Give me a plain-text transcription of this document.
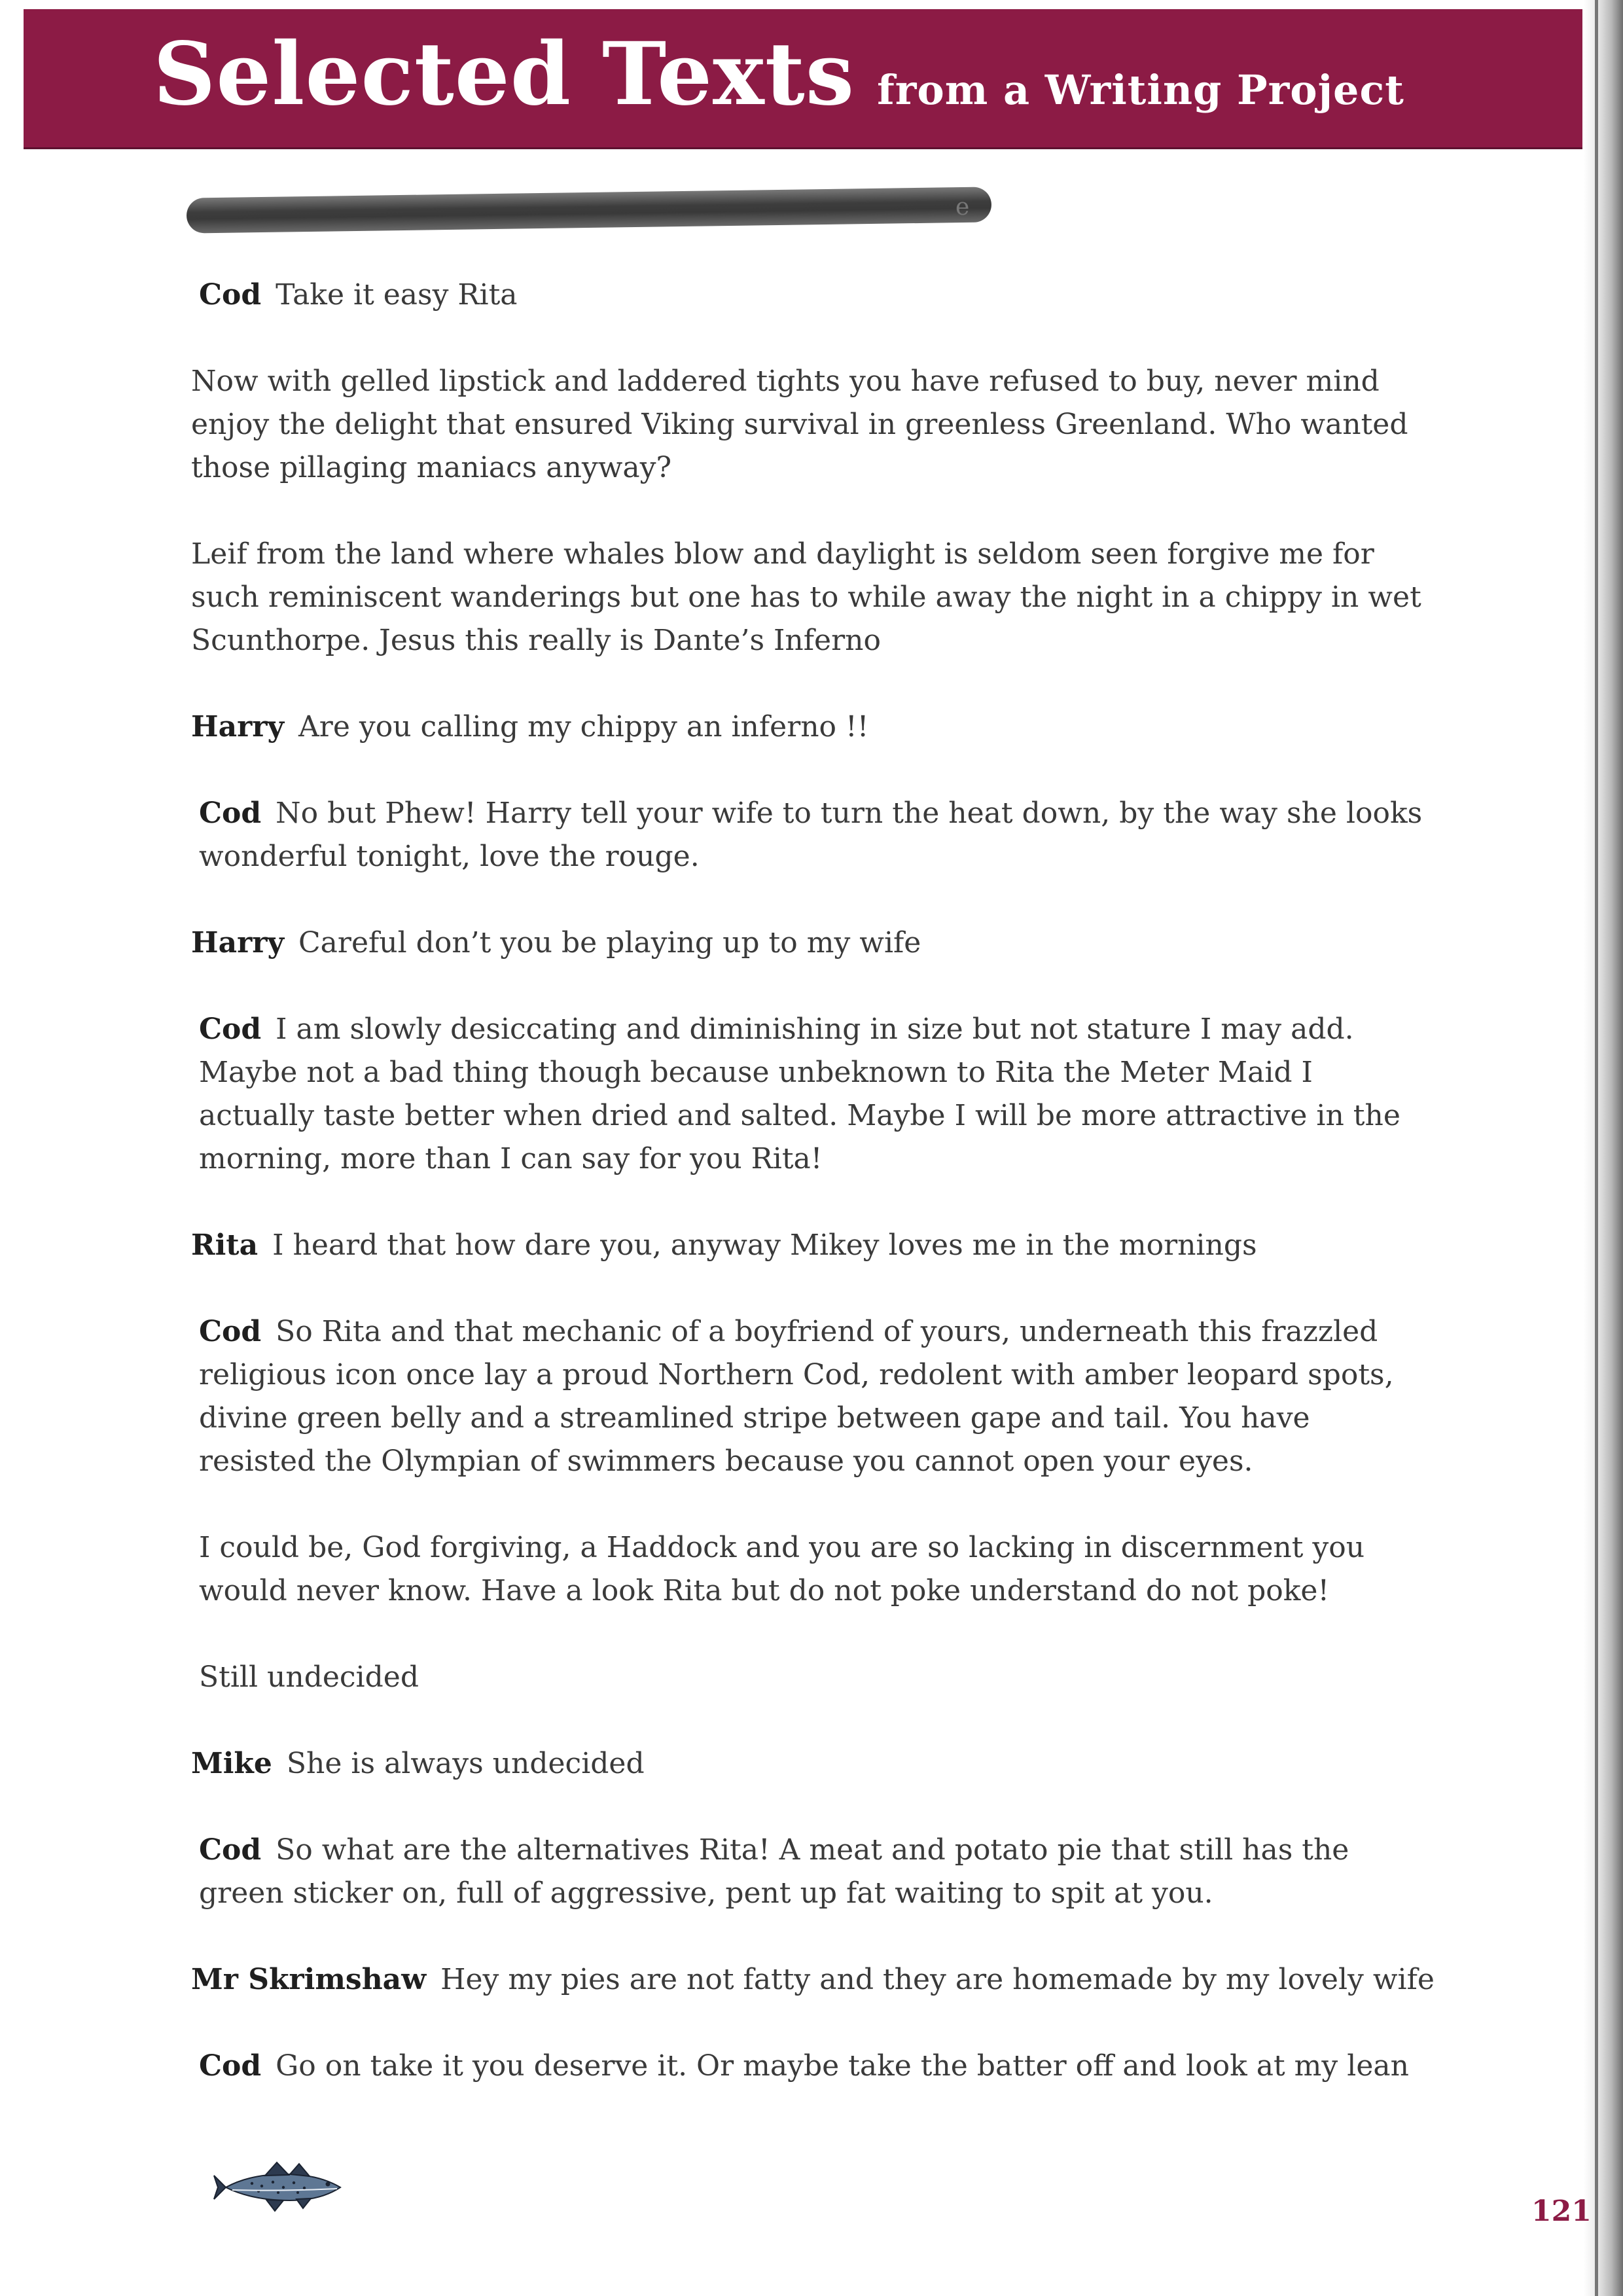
Selected Texts from a Writing Project
e
Cod Take it easy Rita
Now with gelled lipstick and laddered tights you have refused to buy, never mind enjoy the delight that ensured Viking survival in greenless Greenland. Who wanted those pillaging maniacs anyway?
Leif from the land where whales blow and daylight is seldom seen forgive me for such reminiscent wanderings but one has to while away the night in a chippy in wet Scunthorpe. Jesus this really is Dante’s Inferno
Harry Are you calling my chippy an inferno !!
Cod No but Phew! Harry tell your wife to turn the heat down, by the way she looks wonderful tonight, love the rouge.
Harry Careful don’t you be playing up to my wife
Cod I am slowly desiccating and diminishing in size but not stature I may add. Maybe not a bad thing though because unbeknown to Rita the Meter Maid I actually taste better when dried and salted. Maybe I will be more attractive in the morning, more than I can say for you Rita!
Rita I heard that how dare you, anyway Mikey loves me in the mornings
Cod So Rita and that mechanic of a boyfriend of yours, underneath this frazzled religious icon once lay a proud Northern Cod, redolent with amber leopard spots, divine green belly and a streamlined stripe between gape and tail. You have resisted the Olympian of swimmers because you cannot open your eyes.
I could be, God forgiving, a Haddock and you are so lacking in discernment you would never know. Have a look Rita but do not poke understand do not poke!
Still undecided
Mike She is always undecided
Cod So what are the alternatives Rita! A meat and potato pie that still has the green sticker on, full of aggressive, pent up fat waiting to spit at you.
Mr Skrimshaw Hey my pies are not fatty and they are homemade by my lovely wife
Cod Go on take it you deserve it. Or maybe take the batter off and look at my lean
121
